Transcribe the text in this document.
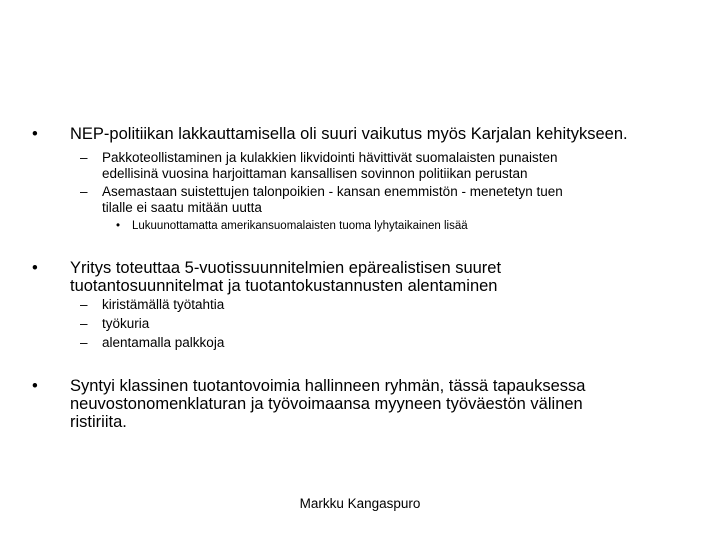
• NEP-politiikan lakkauttamisella oli suuri vaikutus myös Karjalan kehitykseen.
– Pakkoteollistaminen ja kulakkien likvidointi hävittivät suomalaisten punaisten
edellisinä vuosina harjoittaman kansallisen sovinnon politiikan perustan
– Asemastaan suistettujen talonpoikien - kansan enemmistön - menetetyn tuen
tilalle ei saatu mitään uutta
• Lukuunottamatta amerikansuomalaisten tuoma lyhytaikainen lisää
• Yritys toteuttaa 5-vuotissuunnitelmien epärealistisen suuret
tuotantosuunnitelmat ja tuotantokustannusten alentaminen
– kiristämällä työtahtia
– työkuria
– alentamalla palkkoja
• Syntyi klassinen tuotantovoimia hallinneen ryhmän, tässä tapauksessa
neuvostonomenklaturan ja työvoimaansa myyneen työväestön välinen
ristiriita.
Markku Kangaspuro
